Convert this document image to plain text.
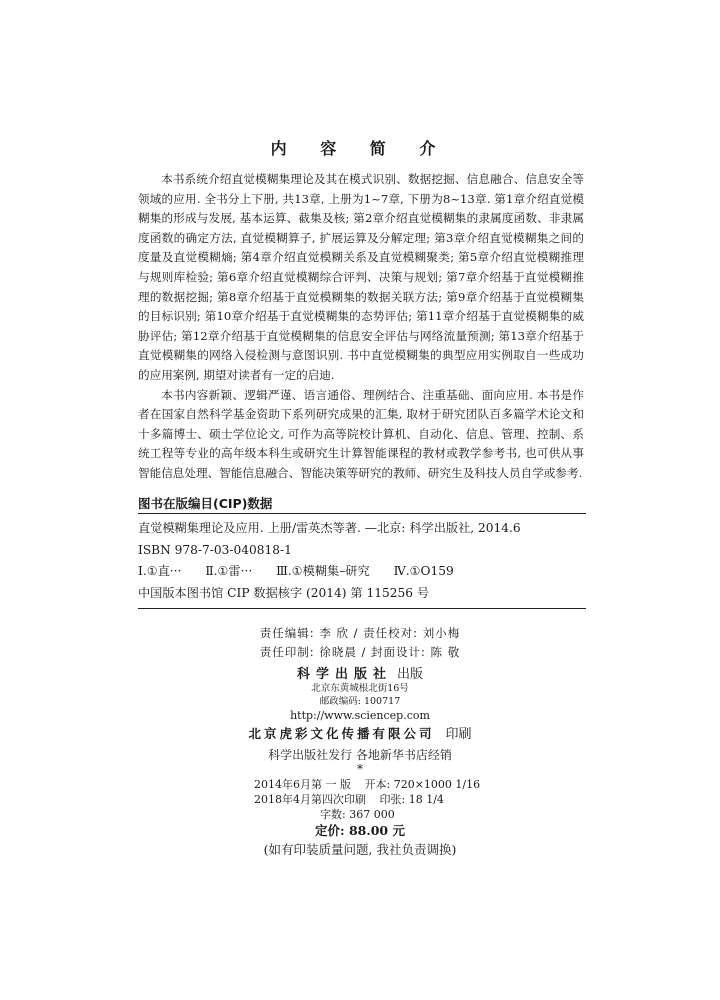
内 容 简 介

本书系统介绍直觉模糊集理论及其在模式识别、数据挖掘、信息融合、信息安全等领域的应用. 全书分上下册, 共13章, 上册为1~7章, 下册为8~13章. 第1章介绍直觉模糊集的形成与发展, 基本运算、截集及核; 第2章介绍直觉模糊集的隶属度函数、非隶属度函数的确定方法, 直觉模糊算子, 扩展运算及分解定理; 第3章介绍直觉模糊集之间的度量及直觉模糊熵; 第4章介绍直觉模糊关系及直觉模糊聚类; 第5章介绍直觉模糊推理与规则库检验; 第6章介绍直觉模糊综合评判、决策与规划; 第7章介绍基于直觉模糊推理的数据挖掘; 第8章介绍基于直觉模糊集的数据关联方法; 第9章介绍基于直觉模糊集的目标识别; 第10章介绍基于直觉模糊集的态势评估; 第11章介绍基于直觉模糊集的威胁评估; 第12章介绍基于直觉模糊集的信息安全评估与网络流量预测; 第13章介绍基于直觉模糊集的网络入侵检测与意图识别. 书中直觉模糊集的典型应用实例取自一些成功的应用案例, 期望对读者有一定的启迪.

本书内容新颖、逻辑严谨、语言通俗、理例结合、注重基础、面向应用. 本书是作者在国家自然科学基金资助下系列研究成果的汇集, 取材于研究团队百多篇学术论文和十多篇博士、硕士学位论文, 可作为高等院校计算机、自动化、信息、管理、控制、系统工程等专业的高年级本科生或研究生计算智能课程的教材或教学参考书, 也可供从事智能信息处理、智能信息融合、智能决策等研究的教师、研究生及科技人员自学或参考.

图书在版编目(CIP)数据
直觉模糊集理论及应用. 上册/雷英杰等著. —北京: 科学出版社, 2014.6
ISBN 978-7-03-040818-1
Ⅰ.①直··· Ⅱ.①雷··· Ⅲ.①模糊集–研究 Ⅳ.①O159
中国版本图书馆 CIP 数据核字 (2014) 第 115256 号
责任编辑: 李 欣 / 责任校对: 刘小梅
责任印制: 徐晓晨 / 封面设计: 陈 敬
科学出版社 出版
北京东黄城根北街16号
邮政编码: 100717
http://www.sciencep.com
北京虎彩文化传播有限公司 印刷
科学出版社发行 各地新华书店经销
*
2014年6月第 一 版 开本: 720×1000 1/16
2018年4月第四次印刷 印张: 18 1/4
字数: 367 000
定价: 88.00 元
(如有印装质量问题, 我社负责调换)
